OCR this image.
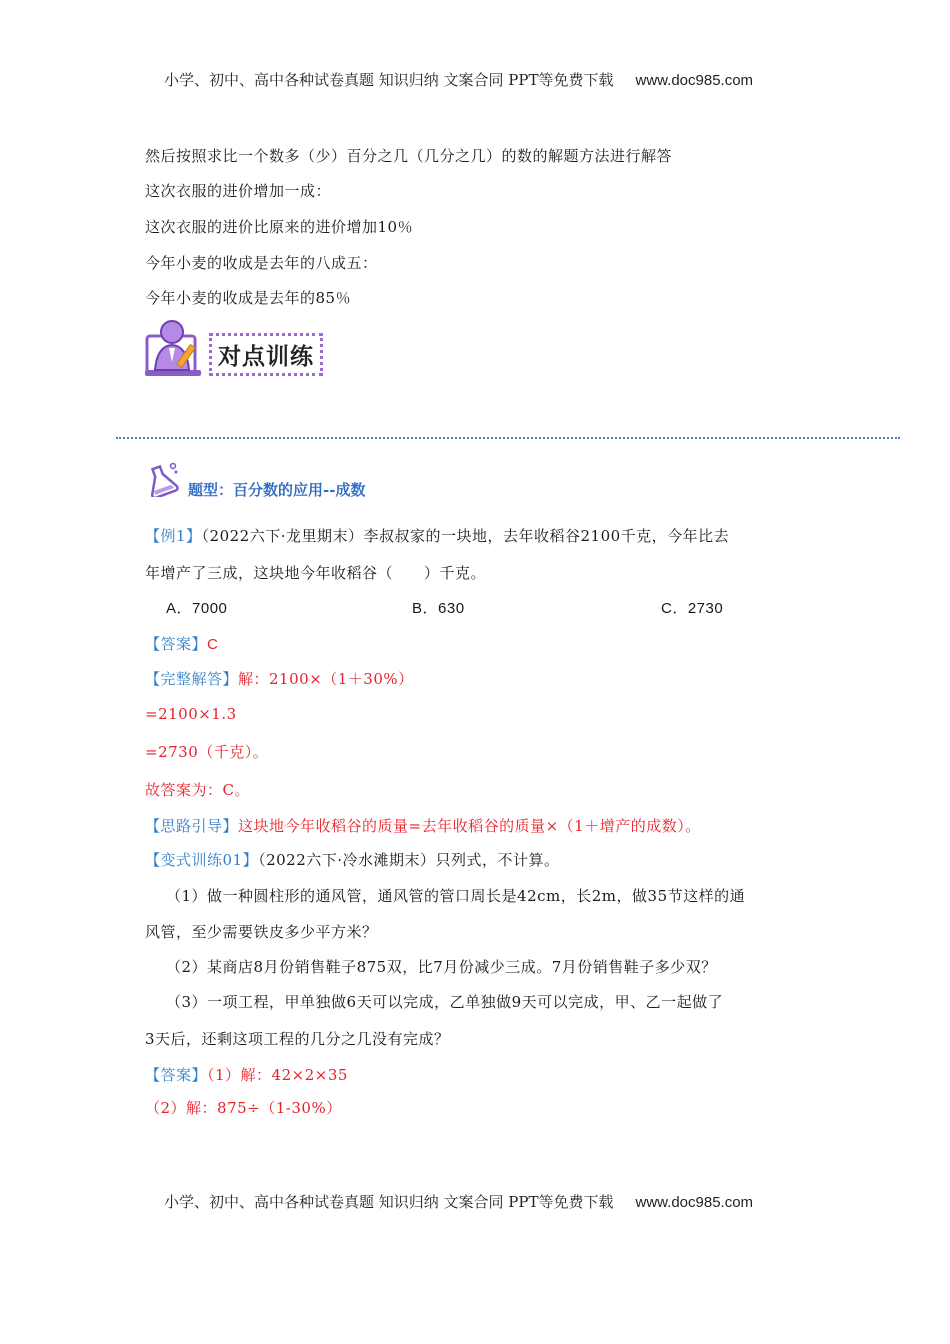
小学、初中、高中各种试卷真题 知识归纳 文案合同 PPT等免费下载 www.doc985.com
然后按照求比一个数多（少）百分之几（几分之几）的数的解题方法进行解答
这次衣服的进价增加一成：
这次衣服的进价比原来的进价增加10％
今年小麦的收成是去年的八成五：
今年小麦的收成是去年的85％
对点训练
题型：百分数的应用--成数
【例1】（2022六下·龙里期末）李叔叔家的一块地，去年收稻谷2100千克，今年比去
年增产了三成，这块地今年收稻谷（　　）千克。
A．7000	B．630	C．2730
【答案】C
【完整解答】解：2100×（1＋30%）
=2100×1.3
=2730（千克）。
故答案为：C。
【思路引导】这块地今年收稻谷的质量=去年收稻谷的质量×（1＋增产的成数）。
【变式训练01】（2022六下·冷水滩期末）只列式，不计算。
（1）做一种圆柱形的通风管，通风管的管口周长是42cm，长2m，做35节这样的通
风管，至少需要铁皮多少平方米？
（2）某商店8月份销售鞋子875双，比7月份减少三成。7月份销售鞋子多少双？
（3）一项工程，甲单独做6天可以完成，乙单独做9天可以完成，甲、乙一起做了
3天后，还剩这项工程的几分之几没有完成？
【答案】（1）解：42×2×35
（2）解：875÷（1-30%）
小学、初中、高中各种试卷真题 知识归纳 文案合同 PPT等免费下载 www.doc985.com
